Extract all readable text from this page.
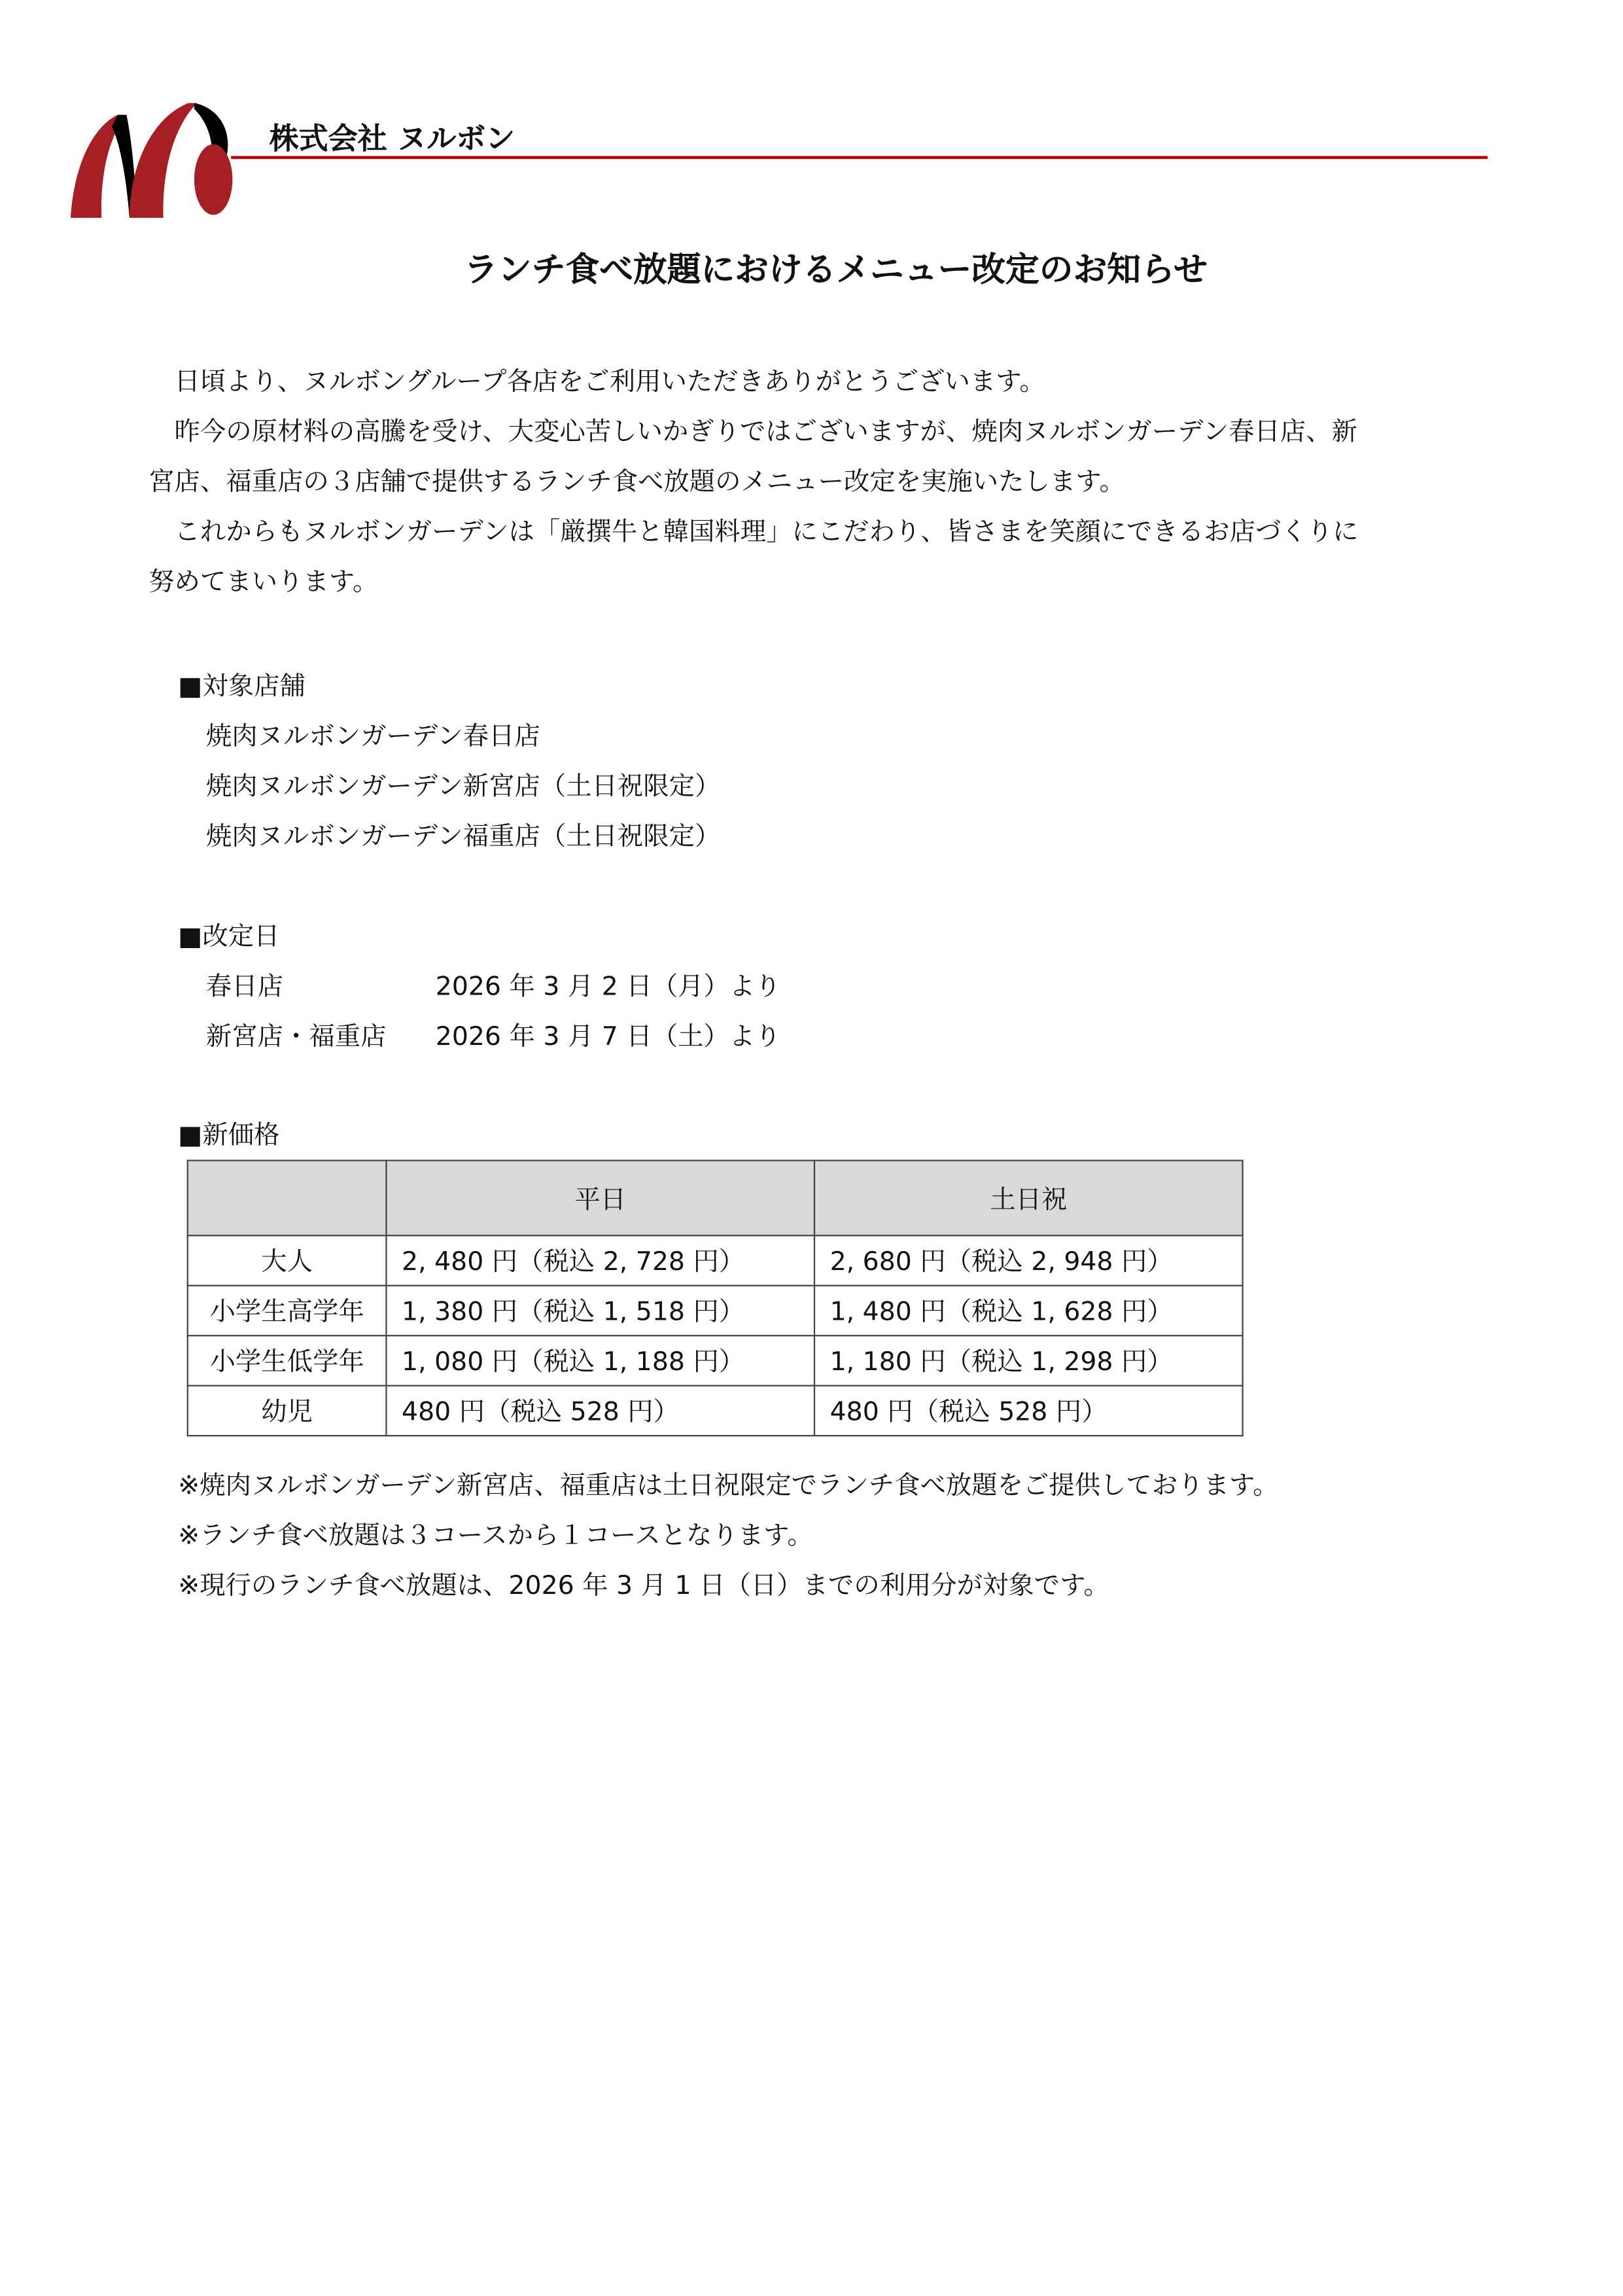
株式会社 ヌルボン
ランチ食べ放題におけるメニュー改定のお知らせ
　日頃より、ヌルボングループ各店をご利用いただきありがとうございます。
　昨今の原材料の高騰を受け、大変心苦しいかぎりではございますが、焼肉ヌルボンガーデン春日店、新
宮店、福重店の３店舗で提供するランチ食べ放題のメニュー改定を実施いたします。
　これからもヌルボンガーデンは「厳撰牛と韓国料理」にこだわり、皆さまを笑顔にできるお店づくりに
努めてまいります。
■対象店舗
焼肉ヌルボンガーデン春日店
焼肉ヌルボンガーデン新宮店（土日祝限定）
焼肉ヌルボンガーデン福重店（土日祝限定）
■改定日
春日店	2026 年 3 月 2 日（月）より
新宮店・福重店	2026 年 3 月 7 日（土）より
■新価格
	平日	土日祝
大人	2, 480 円（税込 2, 728 円）	2, 680 円（税込 2, 948 円）
小学生高学年	1, 380 円（税込 1, 518 円）	1, 480 円（税込 1, 628 円）
小学生低学年	1, 080 円（税込 1, 188 円）	1, 180 円（税込 1, 298 円）
幼児	480 円（税込 528 円）	480 円（税込 528 円）
※焼肉ヌルボンガーデン新宮店、福重店は土日祝限定でランチ食べ放題をご提供しております。
※ランチ食べ放題は３コースから１コースとなります。
※現行のランチ食べ放題は、2026 年 3 月 1 日（日）までの利用分が対象です。
